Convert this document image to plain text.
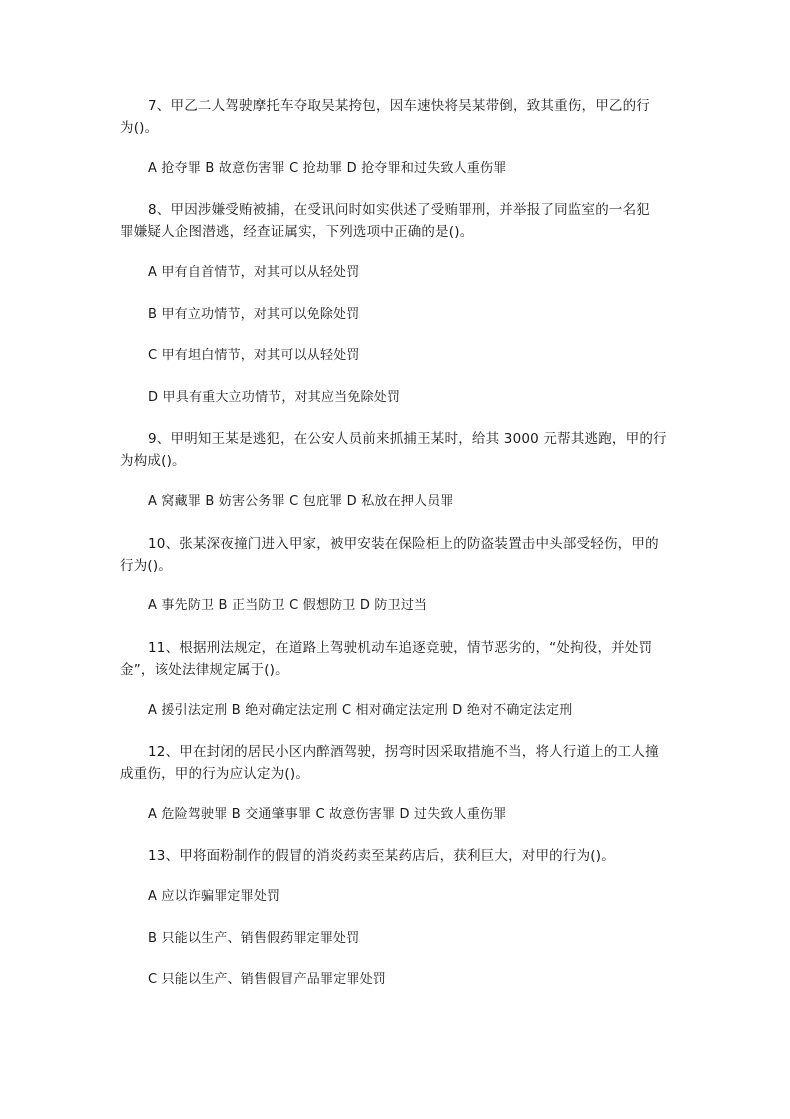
7、甲乙二人驾驶摩托车夺取吴某挎包，因车速快将吴某带倒，致其重伤，甲乙的行
为()。
A 抢夺罪 B 故意伤害罪 C 抢劫罪 D 抢夺罪和过失致人重伤罪
8、甲因涉嫌受贿被捕，在受讯问时如实供述了受贿罪刑，并举报了同监室的一名犯
罪嫌疑人企图潜逃，经查证属实，下列选项中正确的是()。
A 甲有自首情节，对其可以从轻处罚
B 甲有立功情节，对其可以免除处罚
C 甲有坦白情节，对其可以从轻处罚
D 甲具有重大立功情节，对其应当免除处罚
9、甲明知王某是逃犯，在公安人员前来抓捕王某时，给其 3000 元帮其逃跑，甲的行
为构成()。
A 窝藏罪 B 妨害公务罪 C 包庇罪 D 私放在押人员罪
10、张某深夜撞门进入甲家，被甲安装在保险柜上的防盗装置击中头部受轻伤，甲的
行为()。
A 事先防卫 B 正当防卫 C 假想防卫 D 防卫过当
11、根据刑法规定，在道路上驾驶机动车追逐竞驶，情节恶劣的，“处拘役，并处罚
金”，该处法律规定属于()。
A 援引法定刑 B 绝对确定法定刑 C 相对确定法定刑 D 绝对不确定法定刑
12、甲在封闭的居民小区内醉酒驾驶，拐弯时因采取措施不当，将人行道上的工人撞
成重伤，甲的行为应认定为()。
A 危险驾驶罪 B 交通肇事罪 C 故意伤害罪 D 过失致人重伤罪
13、甲将面粉制作的假冒的消炎药卖至某药店后，获利巨大，对甲的行为()。
A 应以诈骗罪定罪处罚
B 只能以生产、销售假药罪定罪处罚
C 只能以生产、销售假冒产品罪定罪处罚
